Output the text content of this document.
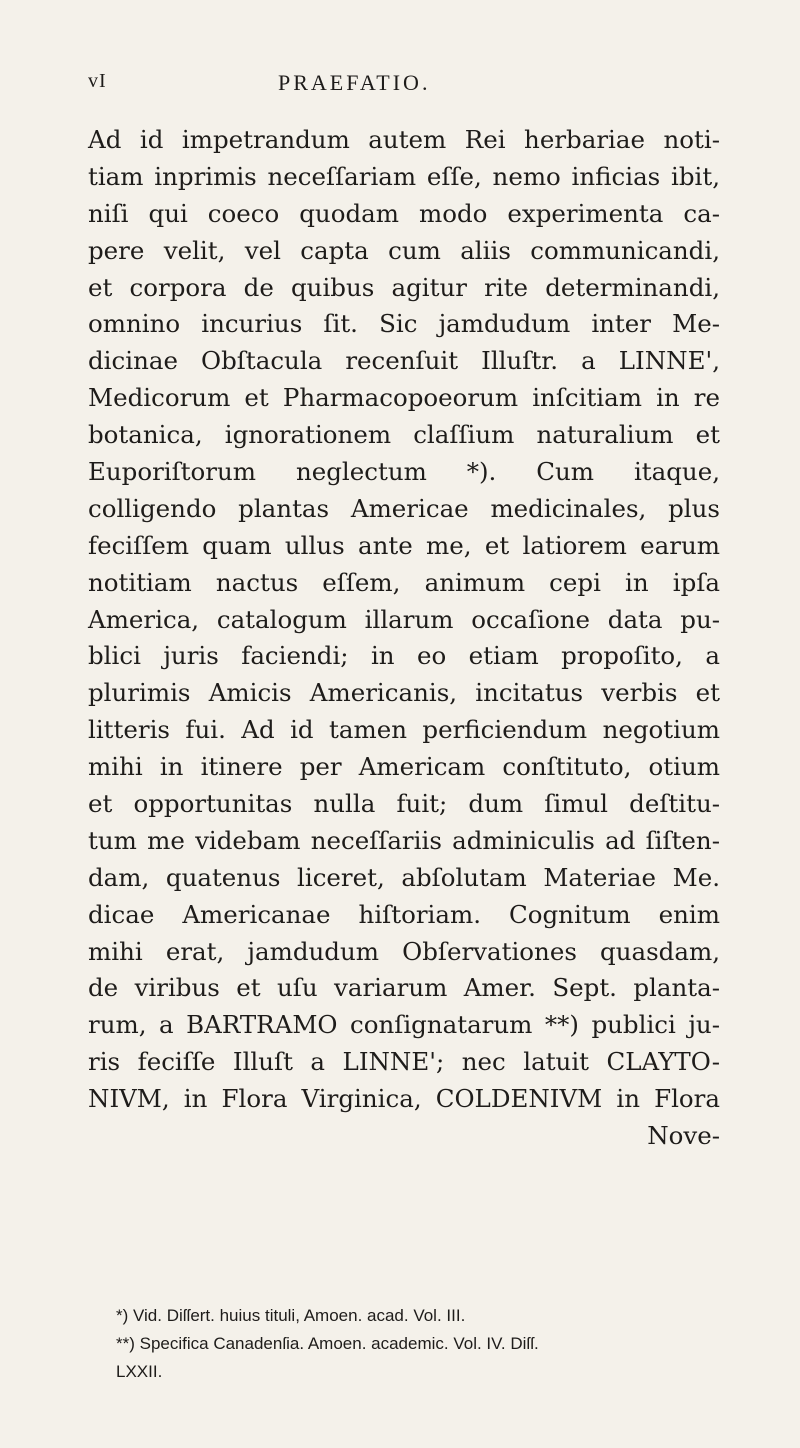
vI	PRAEFATIO.
Ad id impetrandum autem Rei herbariae noti-
tiam inprimis neceſſariam eſſe, nemo inficias ibit,
niſi qui coeco quodam modo experimenta ca-
pere velit, vel capta cum aliis communicandi,
et corpora de quibus agitur rite determinandi,
omnino incurius ſit. Sic jamdudum inter Me-
dicinae Obſtacula recenſuit Illuſtr. a LINNE',
Medicorum et Pharmacopoeorum inſcitiam in re
botanica, ignorationem claſſium naturalium et
Euporiſtorum neglectum *). Cum itaque,
colligendo plantas Americae medicinales, plus
feciſſem quam ullus ante me, et latiorem earum
notitiam nactus eſſem, animum cepi in ipſa
America, catalogum illarum occaſione data pu-
blici juris faciendi; in eo etiam propoſito, a
plurimis Amicis Americanis, incitatus verbis et
litteris fui. Ad id tamen perficiendum negotium
mihi in itinere per Americam conſtituto, otium
et opportunitas nulla fuit; dum ſimul deſtitu-
tum me videbam neceſſariis adminiculis ad ſiſten-
dam, quatenus liceret, abſolutam Materiae Me.
dicae Americanae hiſtoriam. Cognitum enim
mihi erat, jamdudum Obſervationes quasdam,
de viribus et uſu variarum Amer. Sept. planta-
rum, a BARTRAMO conſignatarum **) publici ju-
ris feciſſe Illuſt a LINNE'; nec latuit CLAYTO-
NIVM, in Flora Virginica, COLDENIVM in Flora
Nove-
*) Vid. Diſſert. huius tituli, Amoen. acad. Vol. III.
**) Specifica Canadenſia. Amoen. academic. Vol. IV. Diſſ.
LXXII.
